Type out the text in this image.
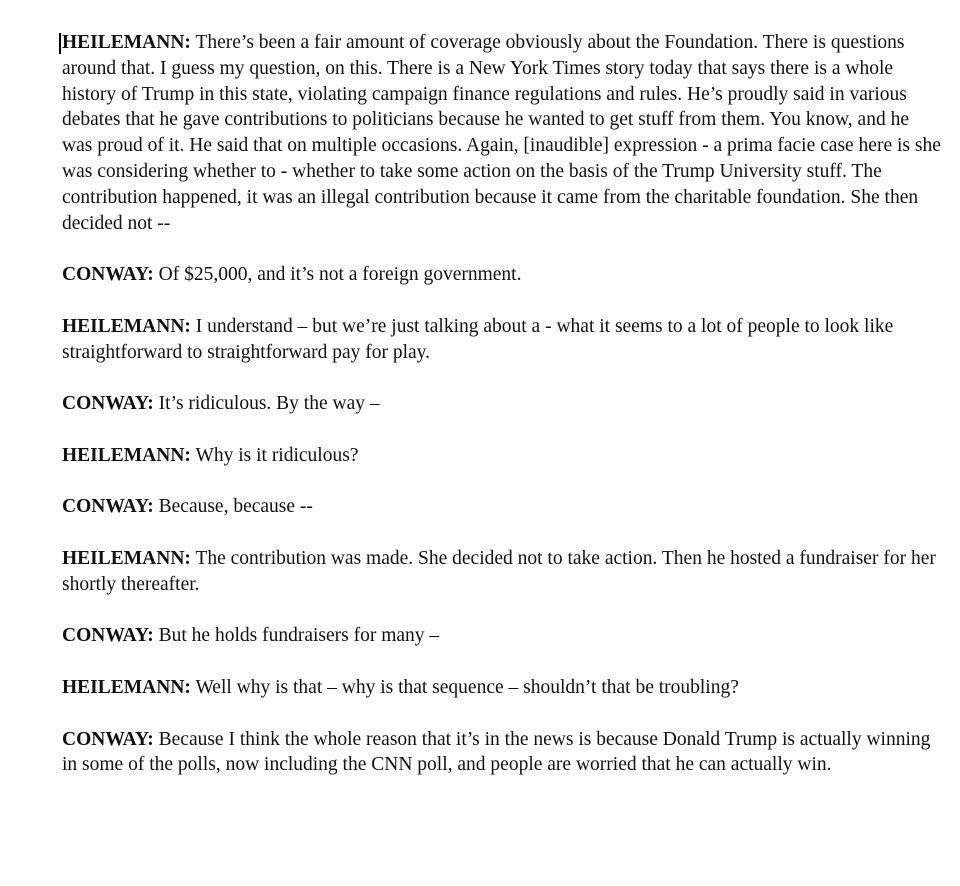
HEILEMANN: There’s been a fair amount of coverage obviously about the Foundation. There is questions around that. I guess my question, on this. There is a New York Times story today that says there is a whole history of Trump in this state, violating campaign finance regulations and rules. He’s proudly said in various debates that he gave contributions to politicians because he wanted to get stuff from them. You know, and he was proud of it. He said that on multiple occasions. Again, [inaudible] expression - a prima facie case here is she was considering whether to - whether to take some action on the basis of the Trump University stuff. The contribution happened, it was an illegal contribution because it came from the charitable foundation. She then decided not --

CONWAY: Of $25,000, and it’s not a foreign government.

HEILEMANN: I understand – but we’re just talking about a - what it seems to a lot of people to look like straightforward to straightforward pay for play.

CONWAY: It’s ridiculous. By the way –

HEILEMANN: Why is it ridiculous?

CONWAY: Because, because --

HEILEMANN: The contribution was made. She decided not to take action. Then he hosted a fundraiser for her shortly thereafter.

CONWAY: But he holds fundraisers for many –

HEILEMANN: Well why is that – why is that sequence – shouldn’t that be troubling?

CONWAY: Because I think the whole reason that it’s in the news is because Donald Trump is actually winning in some of the polls, now including the CNN poll, and people are worried that he can actually win.
